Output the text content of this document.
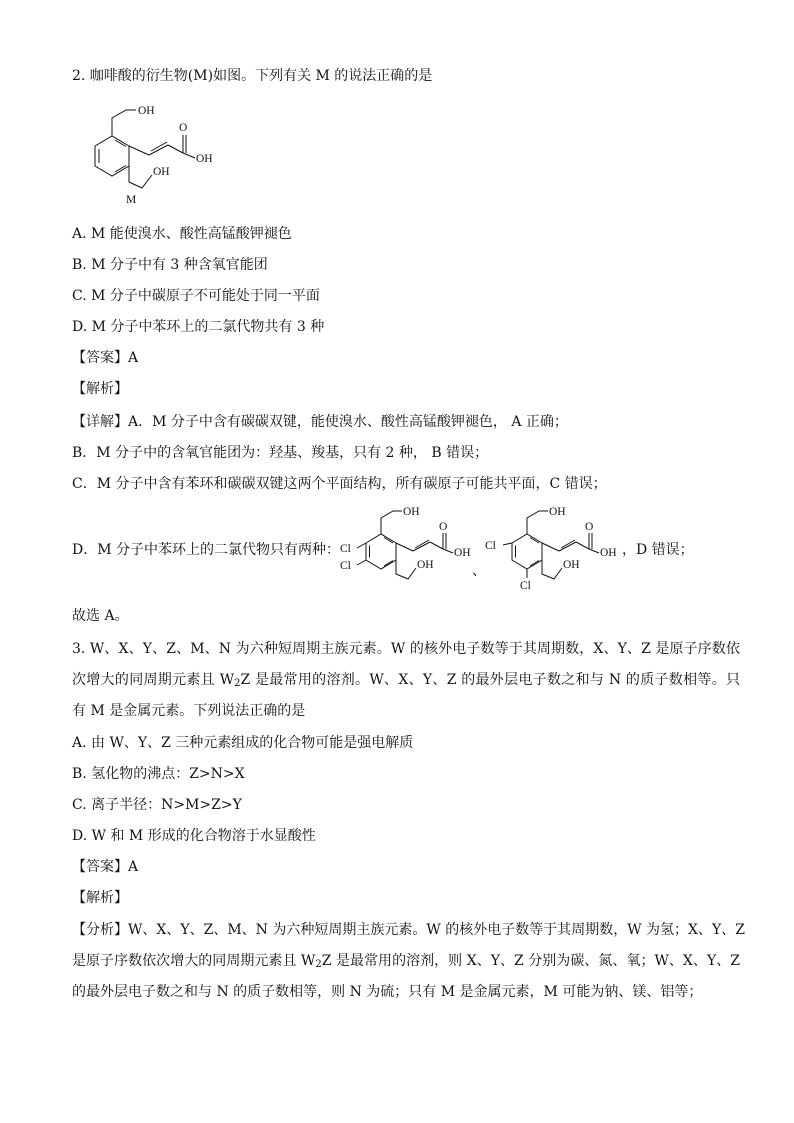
2. 咖啡酸的衍生物(M)如图。下列有关 M 的说法正确的是
OH
O
OH
OH
M
A. M 能使溴水、酸性高锰酸钾褪色
B. M 分子中有 3 种含氧官能团
C. M 分子中碳原子不可能处于同一平面
D. M 分子中苯环上的二氯代物共有 3 种
【答案】A
【解析】
【详解】A．M 分子中含有碳碳双键，能使溴水、酸性高锰酸钾褪色， A 正确；
B．M 分子中的含氧官能团为：羟基、羧基，只有 2 种， B 错误；
C．M 分子中含有苯环和碳碳双键这两个平面结构，所有碳原子可能共平面，C 错误；
D．M 分子中苯环上的二氯代物只有两种：
OH
O
OH
OH
Cl
Cl	、
OH
O
OH
OH
Cl
Cl
，D 错误；
故选 A。
3. W、X、Y、Z、M、N 为六种短周期主族元素。W 的核外电子数等于其周期数，X、Y、Z 是原子序数依
次增大的同周期元素且 $W_2Z$ 是最常用的溶剂。W、X、Y、Z 的最外层电子数之和与 N 的质子数相等。只
有 M 是金属元素。下列说法正确的是
A. 由 W、Y、Z 三种元素组成的化合物可能是强电解质
B. 氢化物的沸点：Z>N>X
C. 离子半径：N>M>Z>Y
D. W 和 M 形成的化合物溶于水显酸性
【答案】A
【解析】
【分析】W、X、Y、Z、M、N 为六种短周期主族元素。W 的核外电子数等于其周期数，W 为氢；X、Y、Z
是原子序数依次增大的同周期元素且 $W_2Z$ 是最常用的溶剂，则 X、Y、Z 分别为碳、氮、氧；W、X、Y、Z
的最外层电子数之和与 N 的质子数相等，则 N 为硫；只有 M 是金属元素，M 可能为钠、镁、铝等；
